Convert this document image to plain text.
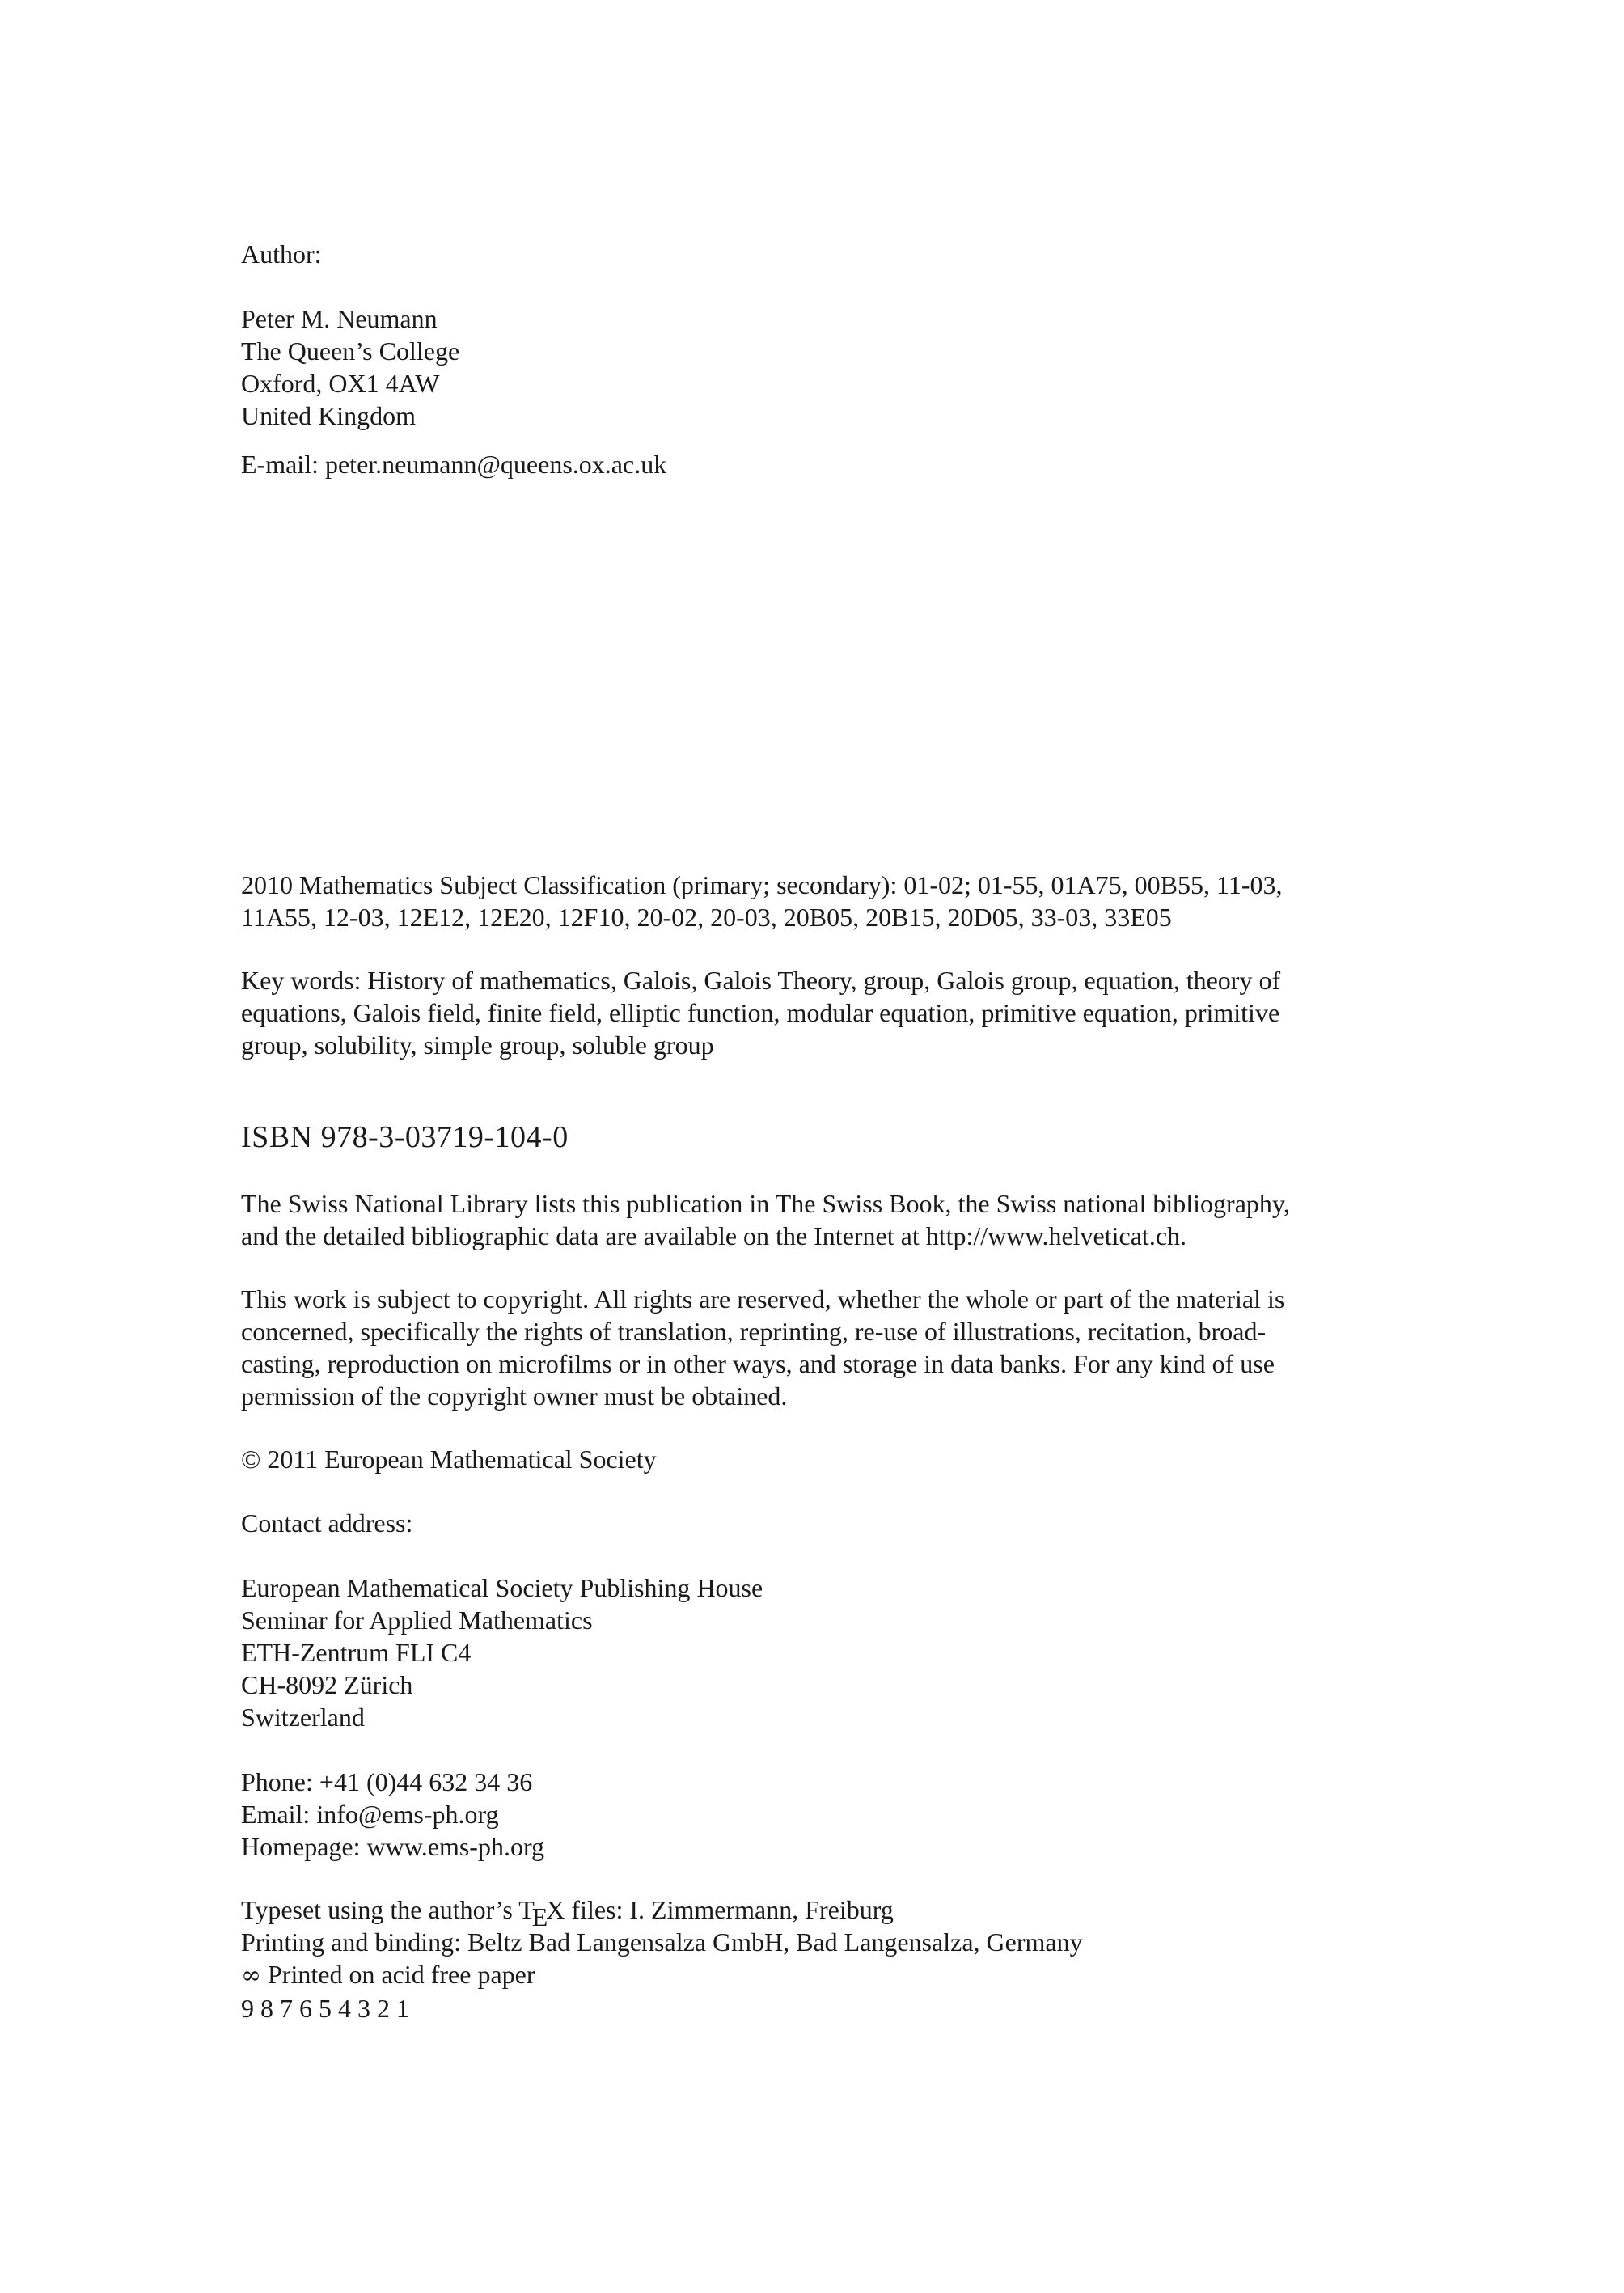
Author:
Peter M. Neumann
The Queen’s College
Oxford, OX1 4AW
United Kingdom
E-mail: peter.neumann@queens.ox.ac.uk
2010 Mathematics Subject Classification (primary; secondary): 01-02; 01-55, 01A75, 00B55, 11-03,
11A55, 12-03, 12E12, 12E20, 12F10, 20-02, 20-03, 20B05, 20B15, 20D05, 33-03, 33E05
Key words: History of mathematics, Galois, Galois Theory, group, Galois group, equation, theory of
equations, Galois field, finite field, elliptic function, modular equation, primitive equation, primitive
group, solubility, simple group, soluble group
ISBN 978-3-03719-104-0
The Swiss National Library lists this publication in The Swiss Book, the Swiss national bibliography,
and the detailed bibliographic data are available on the Internet at http://www.helveticat.ch.
This work is subject to copyright. All rights are reserved, whether the whole or part of the material is
concerned, specifically the rights of translation, reprinting, re-use of illustrations, recitation, broad-
casting, reproduction on microfilms or in other ways, and storage in data banks. For any kind of use
permission of the copyright owner must be obtained.
© 2011 European Mathematical Society
Contact address:
European Mathematical Society Publishing House
Seminar for Applied Mathematics
ETH-Zentrum FLI C4
CH-8092 Zürich
Switzerland
Phone: +41 (0)44 632 34 36
Email: info@ems-ph.org
Homepage: www.ems-ph.org
Typeset using the author’s TEX files: I. Zimmermann, Freiburg
Printing and binding: Beltz Bad Langensalza GmbH, Bad Langensalza, Germany
∞ Printed on acid free paper
9 8 7 6 5 4 3 2 1
